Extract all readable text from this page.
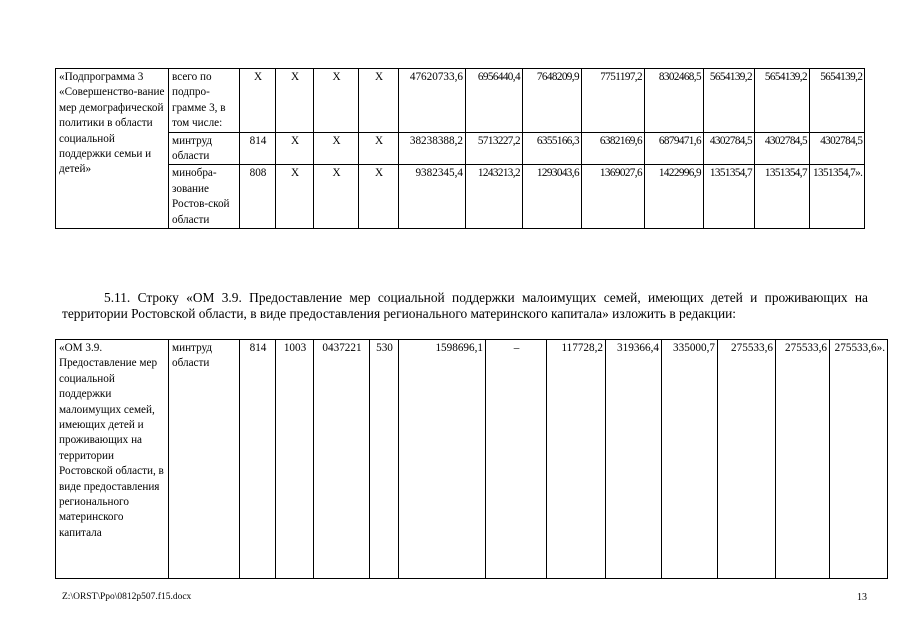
«Подпрограмма 3 «Совершенство-вание мер демографической политики в области социальной поддержки семьи и детей»	всего по подпро-грамме 3, в том числе:	Х	Х	Х	Х	47620733,6	6956440,4	7648209,9	7751197,2	8302468,5	5654139,2	5654139,2	5654139,2
	минтруд области	814	Х	Х	Х	38238388,2	5713227,2	6355166,3	6382169,6	6879471,6	4302784,5	4302784,5	4302784,5
	минобра-зование Ростов-ской области	808	Х	Х	Х	9382345,4	1243213,2	1293043,6	1369027,6	1422996,9	1351354,7	1351354,7	1351354,7».
5.11. Строку «ОМ 3.9. Предоставление мер социальной поддержки малоимущих семей, имеющих детей и проживающих на территории Ростовской области, в виде предоставления регионального материнского капитала» изложить в редакции:
«ОМ 3.9. Предоставление мер социальной поддержки малоимущих семей, имеющих детей и проживающих на территории Ростовской области, в виде предоставления регионального материнского капитала	минтруд области	814	1003	0437221	530	1598696,1	–	117728,2	319366,4	335000,7	275533,6	275533,6	275533,6».
Z:\ORST\Ppo\0812p507.f15.docx	13
